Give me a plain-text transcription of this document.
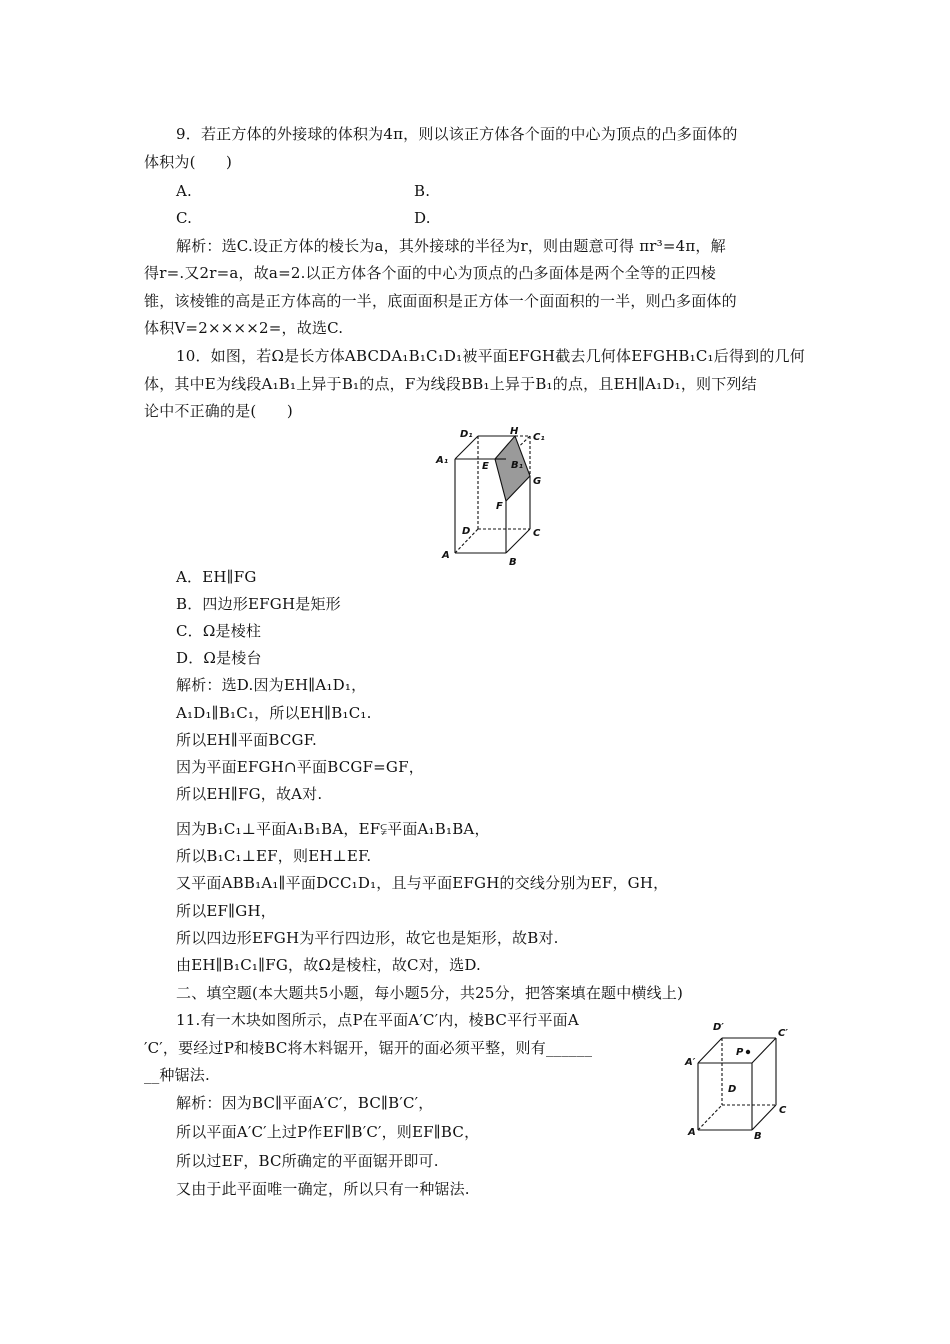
9．若正方体的外接球的体积为4π，则以该正方体各个面的中心为顶点的凸多面体的
体积为(　　)
A.	B.
C.	D.
解析：选C.设正方体的棱长为a，其外接球的半径为r，则由题意可得 πr³=4π，解
得r=.又2r=a，故a=2.以正方体各个面的中心为顶点的凸多面体是两个全等的正四棱
锥，该棱锥的高是正方体高的一半，底面面积是正方体一个面面积的一半，则凸多面体的
体积V=2××××2=，故选C.
10．如图，若Ω是长方体ABCDA₁B₁C₁D₁被平面EFGH截去几何体EFGHB₁C₁后得到的几何
体，其中E为线段A₁B₁上异于B₁的点，F为线段BB₁上异于B₁的点，且EH∥A₁D₁，则下列结
论中不正确的是(　　)
D₁	H
C₁
A₁
E B₁
G
F
D	C
A
B
A．EH∥FG
B．四边形EFGH是矩形
C．Ω是棱柱
D．Ω是棱台
解析：选D.因为EH∥A₁D₁，
A₁D₁∥B₁C₁，所以EH∥B₁C₁.
所以EH∥平面BCGF.
因为平面EFGH∩平面BCGF=GF，
所以EH∥FG，故A对.
因为B₁C₁⊥平面A₁B₁BA，EF⫋平面A₁B₁BA，
所以B₁C₁⊥EF，则EH⊥EF.
又平面ABB₁A₁∥平面DCC₁D₁，且与平面EFGH的交线分别为EF，GH，
所以EF∥GH，
所以四边形EFGH为平行四边形，故它也是矩形，故B对.
由EH∥B₁C₁∥FG，故Ω是棱柱，故C对，选D.
二、填空题(本大题共5小题，每小题5分，共25分，把答案填在题中横线上)
11.有一木块如图所示，点P在平面A′C′内，棱BC平行平面A
′C′，要经过P和棱BC将木料锯开，锯开的面必须平整，则有______
__种锯法.
D′
C′
P
A′
D
C
A	B
解析：因为BC∥平面A′C′，BC∥B′C′，
所以平面A′C′上过P作EF∥B′C′，则EF∥BC，
所以过EF，BC所确定的平面锯开即可.
又由于此平面唯一确定，所以只有一种锯法.
